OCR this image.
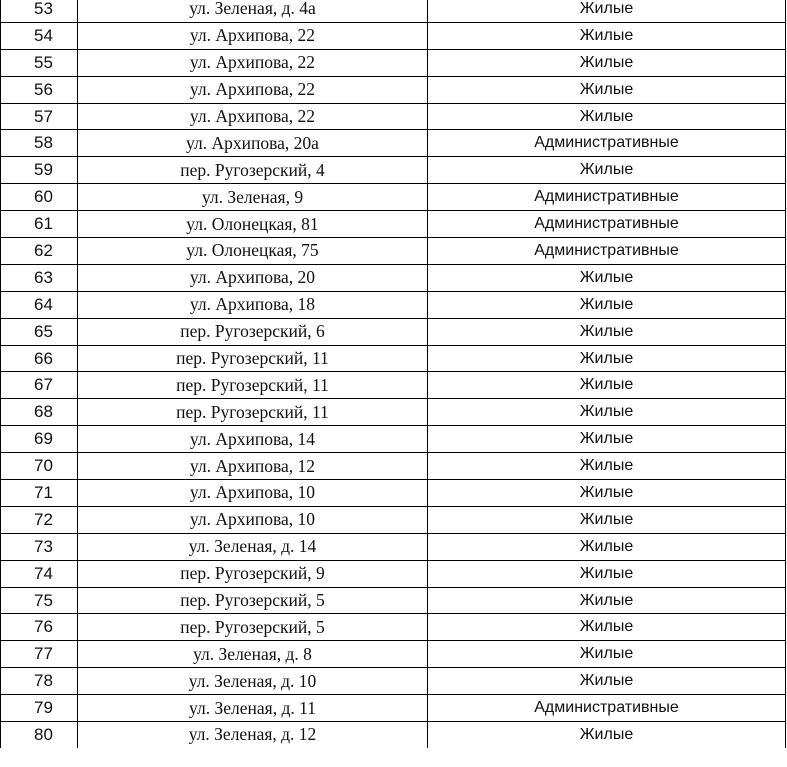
53	ул. Зеленая, д. 4а	Жилые
54	ул. Архипова, 22	Жилые
55	ул. Архипова, 22	Жилые
56	ул. Архипова, 22	Жилые
57	ул. Архипова, 22	Жилые
58	ул. Архипова, 20а	Административные
59	пер. Ругозерский, 4	Жилые
60	ул. Зеленая, 9	Административные
61	ул. Олонецкая, 81	Административные
62	ул. Олонецкая, 75	Административные
63	ул. Архипова, 20	Жилые
64	ул. Архипова, 18	Жилые
65	пер. Ругозерский, 6	Жилые
66	пер. Ругозерский, 11	Жилые
67	пер. Ругозерский, 11	Жилые
68	пер. Ругозерский, 11	Жилые
69	ул. Архипова, 14	Жилые
70	ул. Архипова, 12	Жилые
71	ул. Архипова, 10	Жилые
72	ул. Архипова, 10	Жилые
73	ул. Зеленая, д. 14	Жилые
74	пер. Ругозерский, 9	Жилые
75	пер. Ругозерский, 5	Жилые
76	пер. Ругозерский, 5	Жилые
77	ул. Зеленая, д. 8	Жилые
78	ул. Зеленая, д. 10	Жилые
79	ул. Зеленая, д. 11	Административные
80	ул. Зеленая, д. 12	Жилые
